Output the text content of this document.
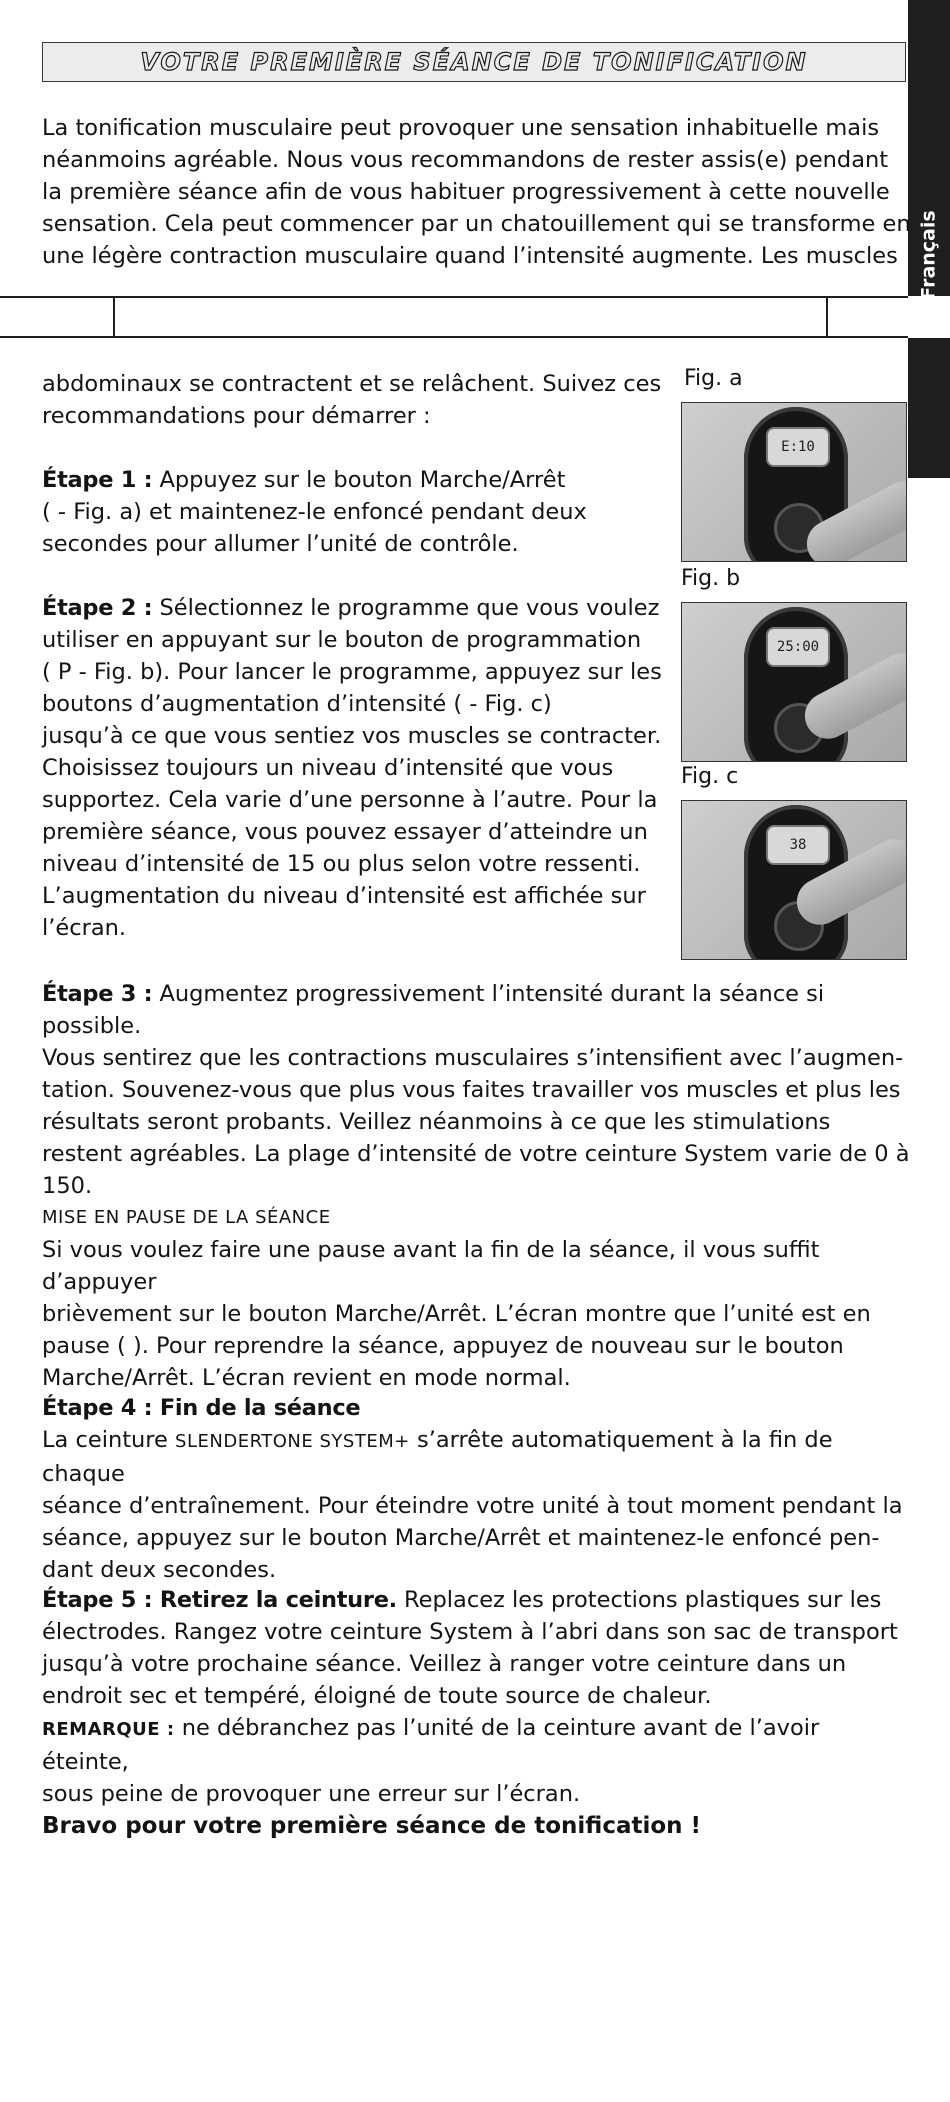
VOTRE PREMIÈRE SÉANCE DE TONIFICATION
Français
La tonification musculaire peut provoquer une sensation inhabituelle mais
néanmoins agréable. Nous vous recommandons de rester assis(e) pendant
la première séance afin de vous habituer progressivement à cette nouvelle
sensation. Cela peut commencer par un chatouillement qui se transforme en
une légère contraction musculaire quand l’intensité augmente. Les muscles
abdominaux se contractent et se relâchent. Suivez ces
recommandations pour démarrer :
Étape 1 : Appuyez sur le bouton Marche/Arrêt
( - Fig. a) et maintenez-le enfoncé pendant deux
secondes pour allumer l’unité de contrôle.
Étape 2 : Sélectionnez le programme que vous voulez
utiliser en appuyant sur le bouton de programmation
( P - Fig. b). Pour lancer le programme, appuyez sur les
boutons d’augmentation d’intensité ( - Fig. c)
jusqu’à ce que vous sentiez vos muscles se contracter.
Choisissez toujours un niveau d’intensité que vous
supportez. Cela varie d’une personne à l’autre. Pour la
première séance, vous pouvez essayer d’atteindre un
niveau d’intensité de 15 ou plus selon votre ressenti.
L’augmentation du niveau d’intensité est affichée sur
l’écran.
Fig. a
E:10
Fig. b
25:00
Fig. c
38
Étape 3 : Augmentez progressivement l’intensité durant la séance si possible.
Vous sentirez que les contractions musculaires s’intensifient avec l’augmen-
tation. Souvenez-vous que plus vous faites travailler vos muscles et plus les
résultats seront probants. Veillez néanmoins à ce que les stimulations
restent agréables. La plage d’intensité de votre ceinture System varie de 0 à
150.
MISE EN PAUSE DE LA SÉANCE
Si vous voulez faire une pause avant la fin de la séance, il vous suffit d’appuyer
brièvement sur le bouton Marche/Arrêt. L’écran montre que l’unité est en
pause ( ). Pour reprendre la séance, appuyez de nouveau sur le bouton
Marche/Arrêt. L’écran revient en mode normal.
Étape 4 : Fin de la séance
La ceinture SLENDERTONE SYSTEM+ s’arrête automatiquement à la fin de chaque
séance d’entraînement. Pour éteindre votre unité à tout moment pendant la
séance, appuyez sur le bouton Marche/Arrêt et maintenez-le enfoncé pen-
dant deux secondes.
Étape 5 : Retirez la ceinture. Replacez les protections plastiques sur les
électrodes. Rangez votre ceinture System à l’abri dans son sac de transport
jusqu’à votre prochaine séance. Veillez à ranger votre ceinture dans un
endroit sec et tempéré, éloigné de toute source de chaleur.
REMARQUE : ne débranchez pas l’unité de la ceinture avant de l’avoir éteinte,
sous peine de provoquer une erreur sur l’écran.
Bravo pour votre première séance de tonification !
